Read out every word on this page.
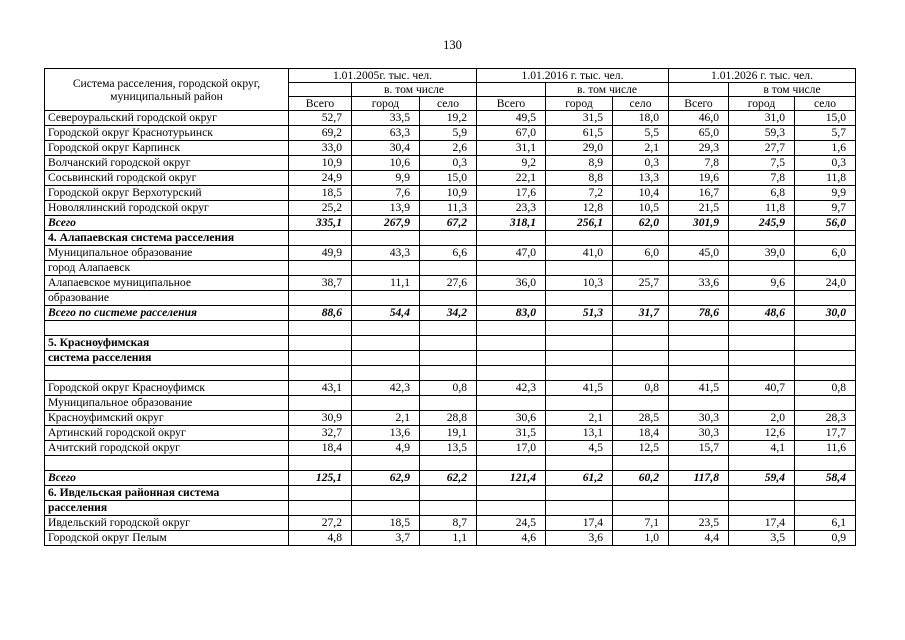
130
Система расселения, городской округ, муниципальный район	1.01.2005г. тыс. чел.			1.01.2016 г. тыс. чел.			1.01.2026 г. тыс. чел.		
		в. том числе			в. том числе			в том числе	
	Всего	город	село	Всего	город	село	Всего	город	село
Североуральский городской округ	52,7	33,5	19,2	49,5	31,5	18,0	46,0	31,0	15,0
Городской округ Краснотурьинск	69,2	63,3	5,9	67,0	61,5	5,5	65,0	59,3	5,7
Городской округ Карпинск	33,0	30,4	2,6	31,1	29,0	2,1	29,3	27,7	1,6
Волчанский городской округ	10,9	10,6	0,3	9,2	8,9	0,3	7,8	7,5	0,3
Сосьвинский городской округ	24,9	9,9	15,0	22,1	8,8	13,3	19,6	7,8	11,8
Городской округ Верхотурский	18,5	7,6	10,9	17,6	7,2	10,4	16,7	6,8	9,9
Новолялинский городской округ	25,2	13,9	11,3	23,3	12,8	10,5	21,5	11,8	9,7
Всего	335,1	267,9	67,2	318,1	256,1	62,0	301,9	245,9	56,0
4. Алапаевская система расселения									
Муниципальное образование	49,9	43,3	6,6	47,0	41,0	6,0	45,0	39,0	6,0
город Алапаевск									
Алапаевское муниципальное	38,7	11,1	27,6	36,0	10,3	25,7	33,6	9,6	24,0
образование									
Всего по системе расселения	88,6	54,4	34,2	83,0	51,3	31,7	78,6	48,6	30,0

5. Красноуфимская									
система расселения									

Городской округ Красноуфимск	43,1	42,3	0,8	42,3	41,5	0,8	41,5	40,7	0,8
Муниципальное образование									
Красноуфимский округ	30,9	2,1	28,8	30,6	2,1	28,5	30,3	2,0	28,3
Артинский городской округ	32,7	13,6	19,1	31,5	13,1	18,4	30,3	12,6	17,7
Ачитский городской округ	18,4	4,9	13,5	17,0	4,5	12,5	15,7	4,1	11,6

Всего	125,1	62,9	62,2	121,4	61,2	60,2	117,8	59,4	58,4
6. Ивдельская районная система									
расселения									
Ивдельский городской округ	27,2	18,5	8,7	24,5	17,4	7,1	23,5	17,4	6,1
Городской округ Пелым	4,8	3,7	1,1	4,6	3,6	1,0	4,4	3,5	0,9
